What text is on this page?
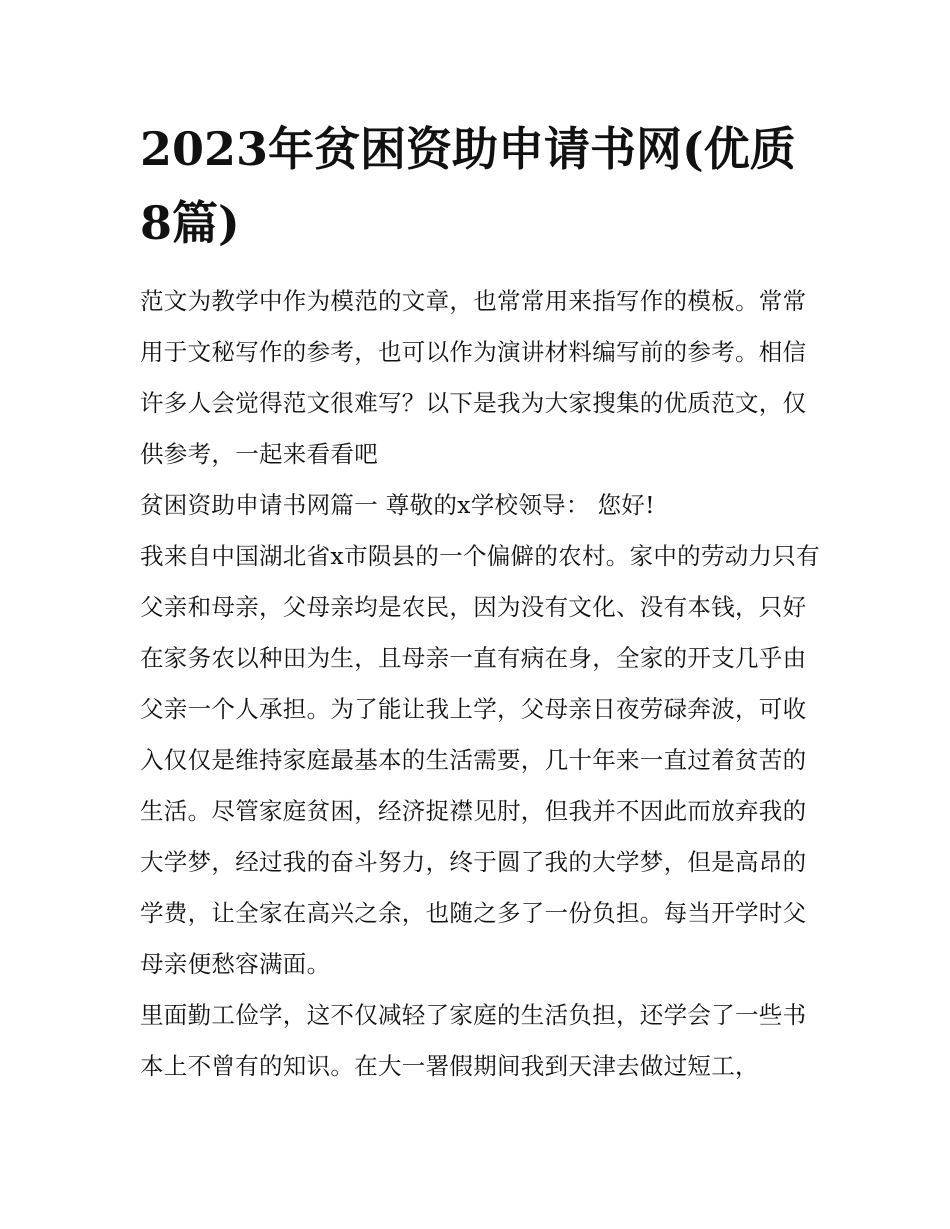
2023年贫困资助申请书网(优质8篇)

范文为教学中作为模范的文章，也常常用来指写作的模板。常常用于文秘写作的参考，也可以作为演讲材料编写前的参考。相信许多人会觉得范文很难写？以下是我为大家搜集的优质范文，仅供参考，一起来看看吧

贫困资助申请书网篇一 尊敬的x学校领导： 您好!

我来自中国湖北省x市陨县的一个偏僻的农村。家中的劳动力只有父亲和母亲，父母亲均是农民，因为没有文化、没有本钱，只好在家务农以种田为生，且母亲一直有病在身，全家的开支几乎由父亲一个人承担。为了能让我上学，父母亲日夜劳碌奔波，可收入仅仅是维持家庭最基本的生活需要，几十年来一直过着贫苦的生活。尽管家庭贫困，经济捉襟见肘，但我并不因此而放弃我的大学梦，经过我的奋斗努力，终于圆了我的大学梦，但是高昂的学费，让全家在高兴之余，也随之多了一份负担。每当开学时父母亲便愁容满面。

里面勤工俭学，这不仅减轻了家庭的生活负担，还学会了一些书本上不曾有的知识。在大一署假期间我到天津去做过短工，
